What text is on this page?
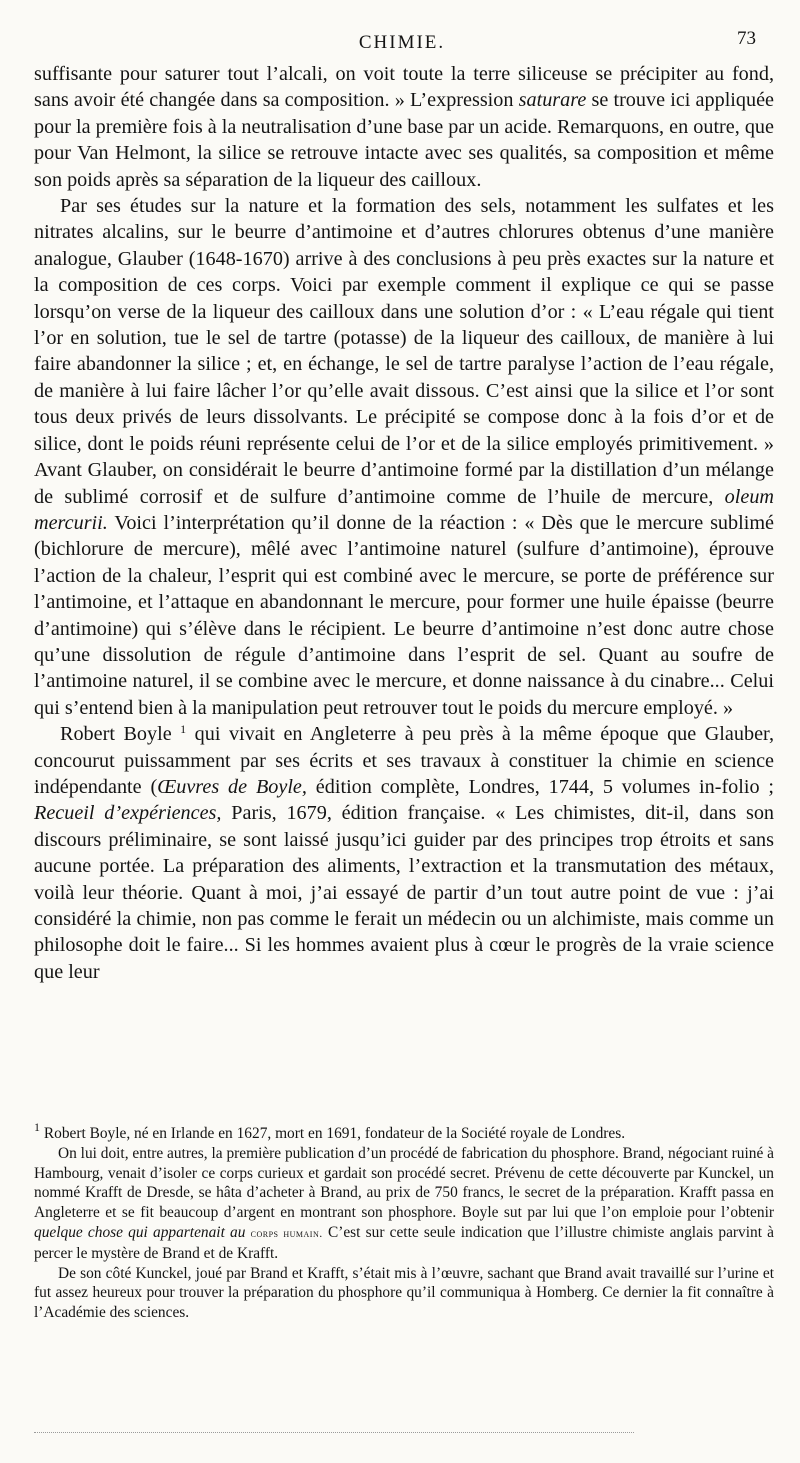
CHIMIE.	73

suffisante pour saturer tout l’alcali, on voit toute la terre siliceuse se précipiter au fond, sans avoir été changée dans sa composition. » L’expression saturare se trouve ici appliquée pour la première fois à la neutralisation d’une base par un acide. Remarquons, en outre, que pour Van Helmont, la silice se retrouve intacte avec ses qualités, sa composition et même son poids après sa séparation de la liqueur des cailloux.

Par ses études sur la nature et la formation des sels, notamment les sulfates et les nitrates alcalins, sur le beurre d’antimoine et d’autres chlorures obtenus d’une manière analogue, Glauber (1648-1670) arrive à des conclusions à peu près exactes sur la nature et la composition de ces corps. Voici par exemple comment il explique ce qui se passe lorsqu’on verse de la liqueur des cailloux dans une solution d’or : « L’eau régale qui tient l’or en solution, tue le sel de tartre (potasse) de la liqueur des cailloux, de manière à lui faire abandonner la silice ; et, en échange, le sel de tartre paralyse l’action de l’eau régale, de manière à lui faire lâcher l’or qu’elle avait dissous. C’est ainsi que la silice et l’or sont tous deux privés de leurs dissolvants. Le précipité se compose donc à la fois d’or et de silice, dont le poids réuni représente celui de l’or et de la silice employés primitivement. » Avant Glauber, on considérait le beurre d’antimoine formé par la distillation d’un mélange de sublimé corrosif et de sulfure d’antimoine comme de l’huile de mercure, oleum mercurii. Voici l’interprétation qu’il donne de la réaction : « Dès que le mercure sublimé (bichlorure de mercure), mêlé avec l’antimoine naturel (sulfure d’antimoine), éprouve l’action de la chaleur, l’esprit qui est combiné avec le mercure, se porte de préférence sur l’antimoine, et l’attaque en abandonnant le mercure, pour former une huile épaisse (beurre d’antimoine) qui s’élève dans le récipient. Le beurre d’antimoine n’est donc autre chose qu’une dissolution de régule d’antimoine dans l’esprit de sel. Quant au soufre de l’antimoine naturel, il se combine avec le mercure, et donne naissance à du cinabre... Celui qui s’entend bien à la manipulation peut retrouver tout le poids du mercure employé. »

Robert Boyle $^1$ qui vivait en Angleterre à peu près à la même époque que Glauber, concourut puissamment par ses écrits et ses travaux à constituer la chimie en science indépendante (Œuvres de Boyle, édition complète, Londres, 1744, 5 volumes in-folio ; Recueil d’expériences, Paris, 1679, édition française. « Les chimistes, dit-il, dans son discours préliminaire, se sont laissé jusqu’ici guider par des principes trop étroits et sans aucune portée. La préparation des aliments, l’extraction et la transmutation des métaux, voilà leur théorie. Quant à moi, j’ai essayé de partir d’un tout autre point de vue : j’ai considéré la chimie, non pas comme le ferait un médecin ou un alchimiste, mais comme un philosophe doit le faire... Si les hommes avaient plus à cœur le progrès de la vraie science que leur

$^1$ Robert Boyle, né en Irlande en 1627, mort en 1691, fondateur de la Société royale de Londres.

On lui doit, entre autres, la première publication d’un procédé de fabrication du phosphore. Brand, négociant ruiné à Hambourg, venait d’isoler ce corps curieux et gardait son procédé secret. Prévenu de cette découverte par Kunckel, un nommé Krafft de Dresde, se hâta d’acheter à Brand, au prix de 750 francs, le secret de la préparation. Krafft passa en Angleterre et se fit beaucoup d’argent en montrant son phosphore. Boyle sut par lui que l’on emploie pour l’obtenir quelque chose qui appartenait au corps humain. C’est sur cette seule indication que l’illustre chimiste anglais parvint à percer le mystère de Brand et de Krafft.

De son côté Kunckel, joué par Brand et Krafft, s’était mis à l’œuvre, sachant que Brand avait travaillé sur l’urine et fut assez heureux pour trouver la préparation du phosphore qu’il communiqua à Homberg. Ce dernier la fit connaître à l’Académie des sciences.
